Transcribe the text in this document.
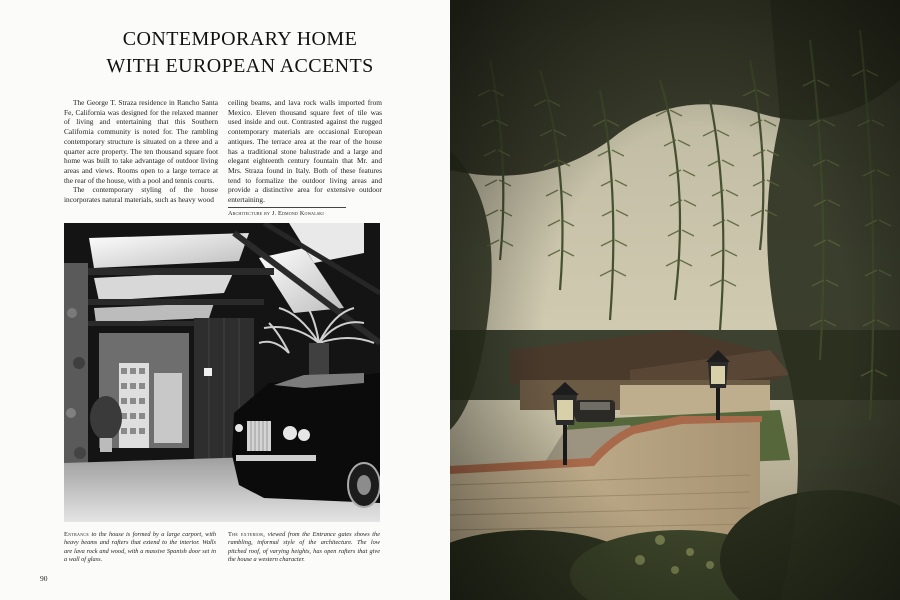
CONTEMPORARY HOME
WITH EUROPEAN ACCENTS

The George T. Straza residence in Rancho Santa Fe, California was designed for the relaxed manner of living and entertaining that this Southern California community is noted for. The rambling contemporary structure is situated on a three and a quarter acre property. The ten thousand square foot home was built to take advantage of outdoor living areas and views. Rooms open to a large terrace at the rear of the house, with a pool and tennis courts.

The contemporary styling of the house incorporates natural materials, such as heavy wood

ceiling beams, and lava rock walls imported from Mexico. Eleven thousand square feet of tile was used inside and out. Contrasted against the rugged contemporary materials are occasional European antiques. The terrace area at the rear of the house has a traditional stone balustrade and a large and elegant eighteenth century fountain that Mr. and Mrs. Straza found in Italy. Both of these features tend to formalize the outdoor living areas and provide a distinctive area for extensive outdoor entertaining.

Architecture by J. Edmond Kowalski
Entrance to the house is formed by a large carport, with heavy beams and rafters that extend to the interior. Walls are lava rock and wood, with a massive Spanish door set in a wall of glass.
The exterior, viewed from the Entrance gates shows the rambling, informal style of the architecture. The low pitched roof, of varying heights, has open rafters that give the house a western character.
90
